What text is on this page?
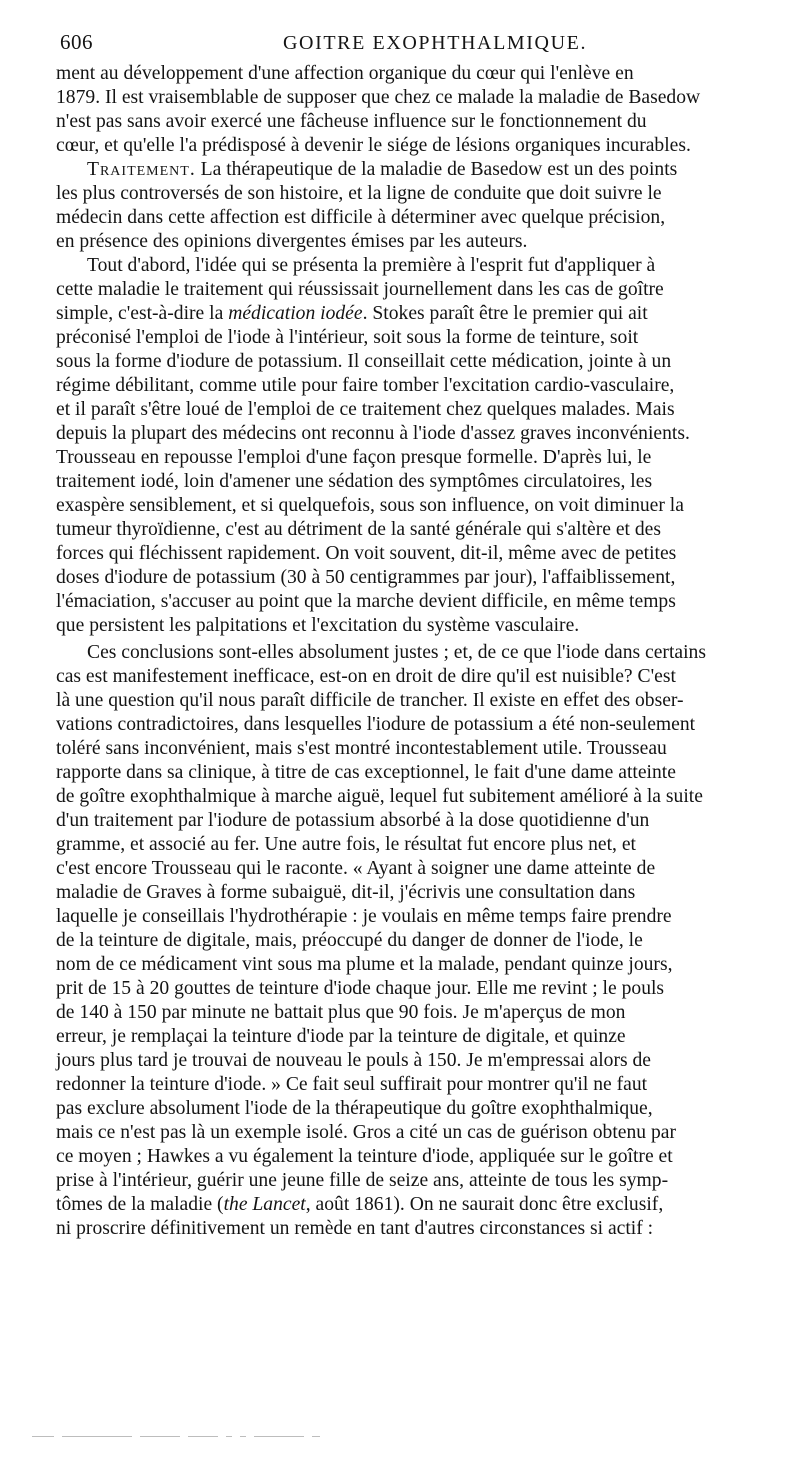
606	GOITRE EXOPHTHALMIQUE.
ment au développement d'une affection organique du cœur qui l'enlève en
1879. Il est vraisemblable de supposer que chez ce malade la maladie de Basedow
n'est pas sans avoir exercé une fâcheuse influence sur le fonctionnement du
cœur, et qu'elle l'a prédisposé à devenir le siége de lésions organiques incurables.
Traitement. La thérapeutique de la maladie de Basedow est un des points
les plus controversés de son histoire, et la ligne de conduite que doit suivre le
médecin dans cette affection est difficile à déterminer avec quelque précision,
en présence des opinions divergentes émises par les auteurs.
Tout d'abord, l'idée qui se présenta la première à l'esprit fut d'appliquer à
cette maladie le traitement qui réussissait journellement dans les cas de goître
simple, c'est-à-dire la médication iodée. Stokes paraît être le premier qui ait
préconisé l'emploi de l'iode à l'intérieur, soit sous la forme de teinture, soit
sous la forme d'iodure de potassium. Il conseillait cette médication, jointe à un
régime débilitant, comme utile pour faire tomber l'excitation cardio-vasculaire,
et il paraît s'être loué de l'emploi de ce traitement chez quelques malades. Mais
depuis la plupart des médecins ont reconnu à l'iode d'assez graves inconvénients.
Trousseau en repousse l'emploi d'une façon presque formelle. D'après lui, le
traitement iodé, loin d'amener une sédation des symptômes circulatoires, les
exaspère sensiblement, et si quelquefois, sous son influence, on voit diminuer la
tumeur thyroïdienne, c'est au détriment de la santé générale qui s'altère et des
forces qui fléchissent rapidement. On voit souvent, dit-il, même avec de petites
doses d'iodure de potassium (30 à 50 centigrammes par jour), l'affaiblissement,
l'émaciation, s'accuser au point que la marche devient difficile, en même temps
que persistent les palpitations et l'excitation du système vasculaire.
Ces conclusions sont-elles absolument justes ; et, de ce que l'iode dans certains
cas est manifestement inefficace, est-on en droit de dire qu'il est nuisible? C'est
là une question qu'il nous paraît difficile de trancher. Il existe en effet des obser-
vations contradictoires, dans lesquelles l'iodure de potassium a été non-seulement
toléré sans inconvénient, mais s'est montré incontestablement utile. Trousseau
rapporte dans sa clinique, à titre de cas exceptionnel, le fait d'une dame atteinte
de goître exophthalmique à marche aiguë, lequel fut subitement amélioré à la suite
d'un traitement par l'iodure de potassium absorbé à la dose quotidienne d'un
gramme, et associé au fer. Une autre fois, le résultat fut encore plus net, et
c'est encore Trousseau qui le raconte. « Ayant à soigner une dame atteinte de
maladie de Graves à forme subaiguë, dit-il, j'écrivis une consultation dans
laquelle je conseillais l'hydrothérapie : je voulais en même temps faire prendre
de la teinture de digitale, mais, préoccupé du danger de donner de l'iode, le
nom de ce médicament vint sous ma plume et la malade, pendant quinze jours,
prit de 15 à 20 gouttes de teinture d'iode chaque jour. Elle me revint ; le pouls
de 140 à 150 par minute ne battait plus que 90 fois. Je m'aperçus de mon
erreur, je remplaçai la teinture d'iode par la teinture de digitale, et quinze
jours plus tard je trouvai de nouveau le pouls à 150. Je m'empressai alors de
redonner la teinture d'iode. » Ce fait seul suffirait pour montrer qu'il ne faut
pas exclure absolument l'iode de la thérapeutique du goître exophthalmique,
mais ce n'est pas là un exemple isolé. Gros a cité un cas de guérison obtenu par
ce moyen ; Hawkes a vu également la teinture d'iode, appliquée sur le goître et
prise à l'intérieur, guérir une jeune fille de seize ans, atteinte de tous les symp-
tômes de la maladie (the Lancet, août 1861). On ne saurait donc être exclusif,
ni proscrire définitivement un remède en tant d'autres circonstances si actif :
